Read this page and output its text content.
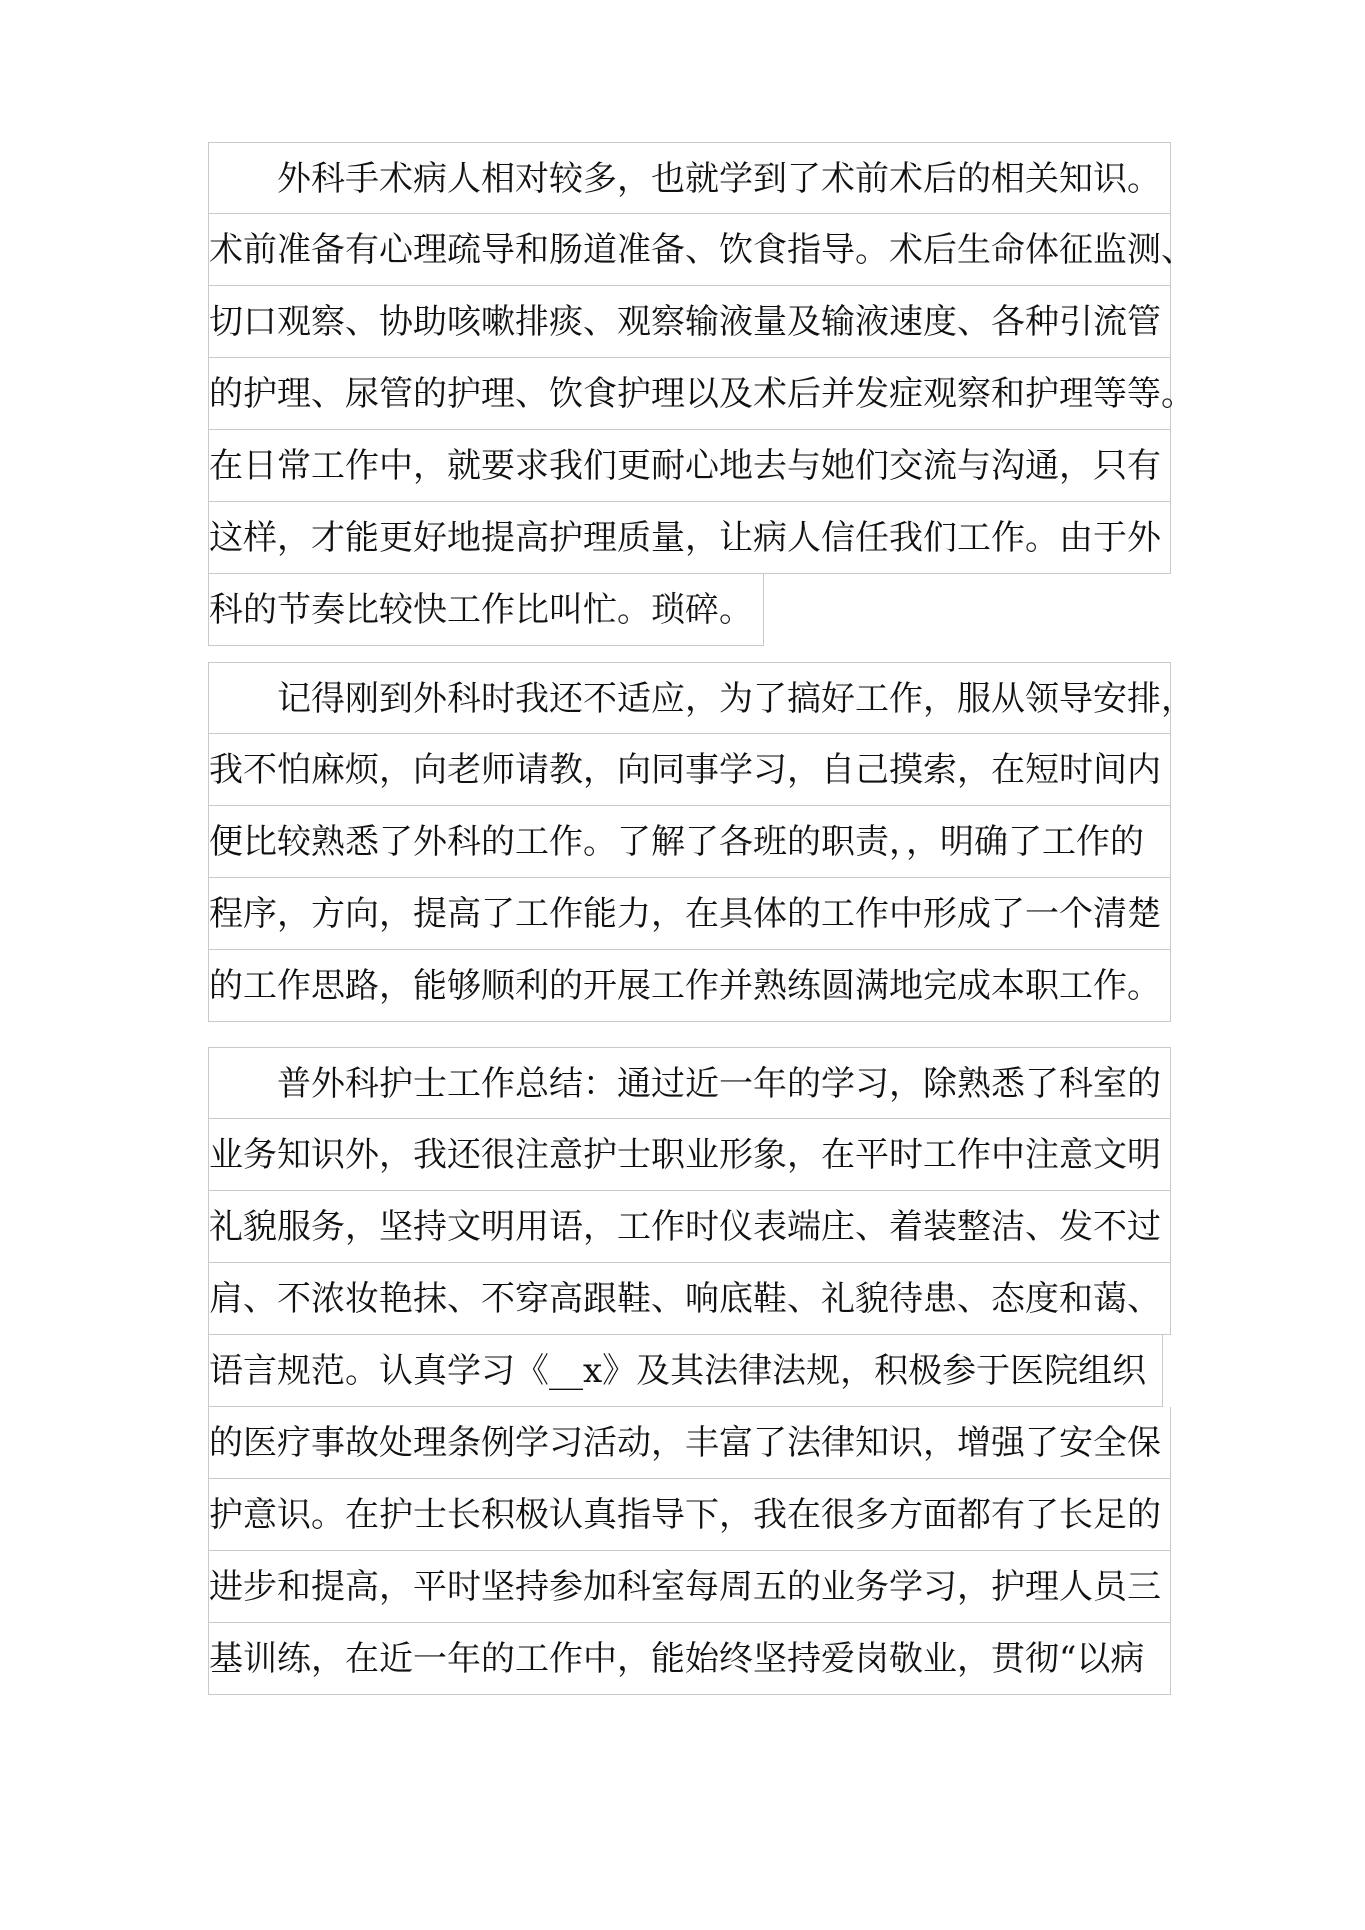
外科手术病人相对较多，也就学到了术前术后的相关知识。
术前准备有心理疏导和肠道准备、饮食指导。术后生命体征监测、
切口观察、协助咳嗽排痰、观察输液量及输液速度、各种引流管
的护理、尿管的护理、饮食护理以及术后并发症观察和护理等等。
在日常工作中，就要求我们更耐心地去与她们交流与沟通，只有
这样，才能更好地提高护理质量，让病人信任我们工作。由于外
科的节奏比较快工作比叫忙。琐碎。
记得刚到外科时我还不适应，为了搞好工作，服从领导安排，
我不怕麻烦，向老师请教，向同事学习，自己摸索，在短时间内
便比较熟悉了外科的工作。了解了各班的职责，，明确了工作的
程序，方向，提高了工作能力，在具体的工作中形成了一个清楚
的工作思路，能够顺利的开展工作并熟练圆满地完成本职工作。
普外科护士工作总结：通过近一年的学习，除熟悉了科室的
业务知识外，我还很注意护士职业形象，在平时工作中注意文明
礼貌服务，坚持文明用语，工作时仪表端庄、着装整洁、发不过
肩、不浓妆艳抹、不穿高跟鞋、响底鞋、礼貌待患、态度和蔼、
语言规范。认真学习《__x》及其法律法规，积极参于医院组织
的医疗事故处理条例学习活动，丰富了法律知识，增强了安全保
护意识。在护士长积极认真指导下，我在很多方面都有了长足的
进步和提高，平时坚持参加科室每周五的业务学习，护理人员三
基训练，在近一年的工作中，能始终坚持爱岗敬业，贯彻“以病
